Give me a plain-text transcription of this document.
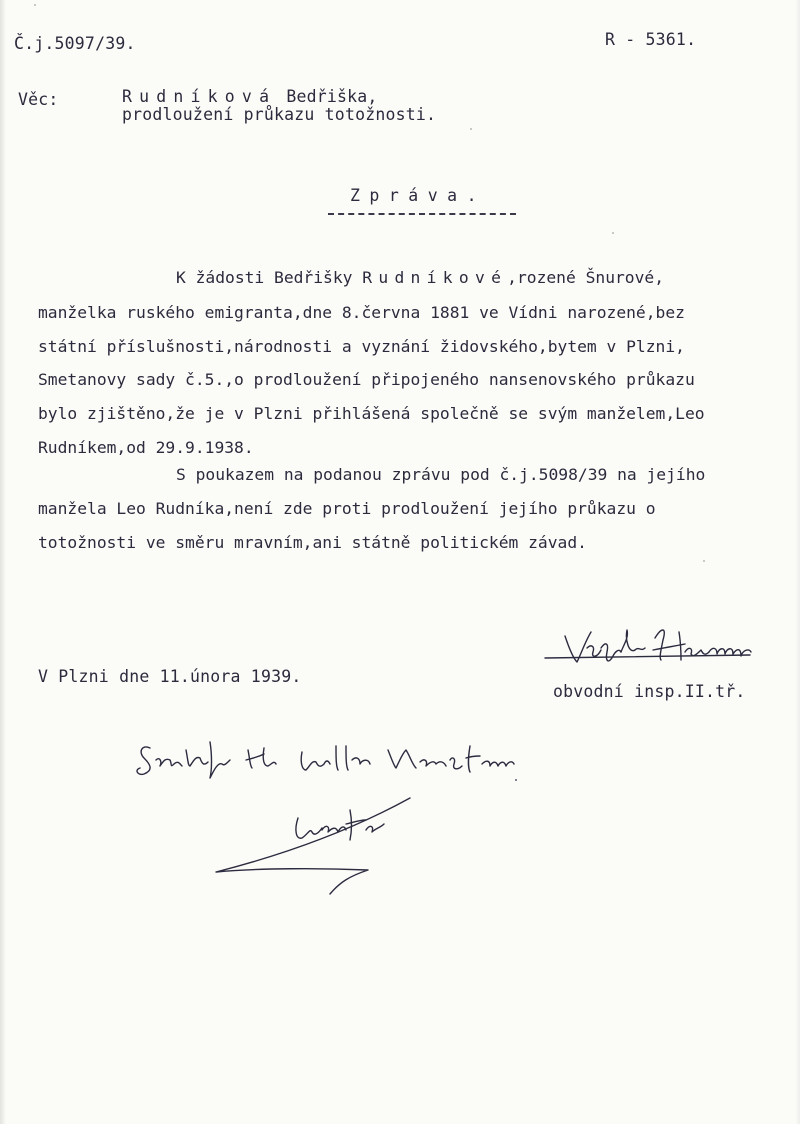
Č.j.5097/39.	R - 5361.
Věc:	Rudníková Bedřiška,
prodloužení průkazu totožnosti.
Zpráva.
K žádosti Bedřišky Rudníkové,rozené Šnurové,
manželka ruského emigranta,dne 8.června 1881 ve Vídni narozené,bez
státní příslušnosti,národnosti a vyznání židovského,bytem v Plzni,
Smetanovy sady č.5.,o prodloužení připojeného nansenovského průkazu
bylo zjištěno,že je v Plzni přihlášená společně se svým manželem,Leo
Rudníkem,od 29.9.1938.
S poukazem na podanou zprávu pod č.j.5098/39 na jejího
manžela Leo Rudníka,není zde proti prodloužení jejího průkazu o
totožnosti ve směru mravním,ani státně politickém závad.
V Plzni dne 11.února 1939.
obvodní insp.II.tř.
